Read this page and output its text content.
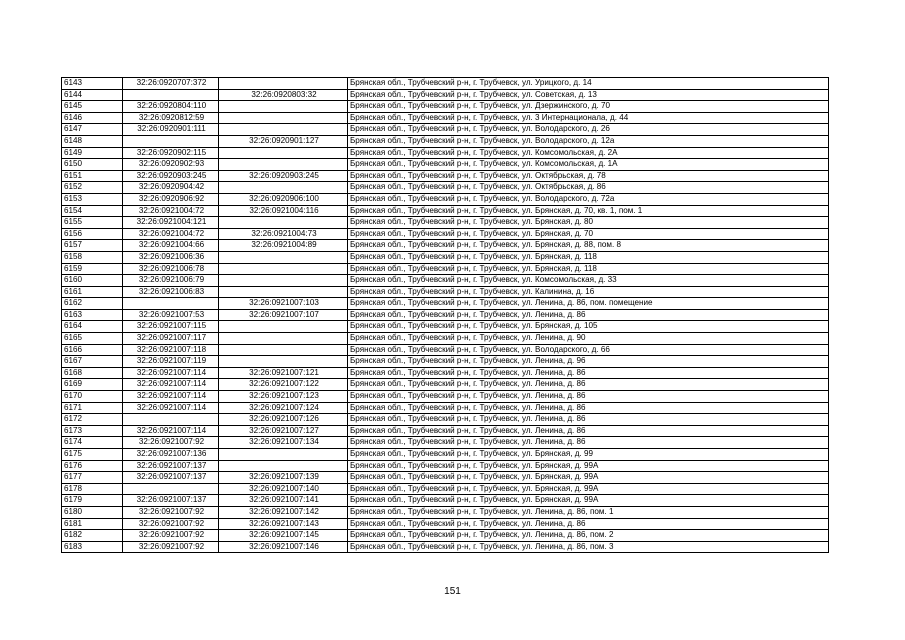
6143	32:26:0920707:372		Брянская обл., Трубчевский р-н, г. Трубчевск, ул. Урицкого, д. 14
6144		32:26:0920803:32	Брянская обл., Трубчевский р-н, г. Трубчевск, ул. Советская, д. 13
6145	32:26:0920804:110		Брянская обл., Трубчевский р-н, г. Трубчевск, ул. Дзержинского, д. 70
6146	32:26:0920812:59		Брянская обл., Трубчевский р-н, г. Трубчевск, ул. 3 Интернационала, д. 44
6147	32:26:0920901:111		Брянская обл., Трубчевский р-н, г. Трубчевск, ул. Володарского, д. 26
6148		32:26:0920901:127	Брянская обл., Трубчевский р-н, г. Трубчевск, ул. Володарского, д. 12а
6149	32:26:0920902:115		Брянская обл., Трубчевский р-н, г. Трубчевск, ул. Комсомольская, д. 2А
6150	32:26:0920902:93		Брянская обл., Трубчевский р-н, г. Трубчевск, ул. Комсомольская, д. 1А
6151	32:26:0920903:245	32:26:0920903:245	Брянская обл., Трубчевский р-н, г. Трубчевск, ул. Октябрьская, д. 78
6152	32:26:0920904:42		Брянская обл., Трубчевский р-н, г. Трубчевск, ул. Октябрьская, д. 86
6153	32:26:0920906:92	32:26:0920906:100	Брянская обл., Трубчевский р-н, г. Трубчевск, ул. Володарского, д. 72а
6154	32:26:0921004:72	32:26:0921004:116	Брянская обл., Трубчевский р-н, г. Трубчевск, ул. Брянская, д. 70, кв. 1, пом. 1
6155	32:26:0921004:121		Брянская обл., Трубчевский р-н, г. Трубчевск, ул. Брянская, д. 80
6156	32:26:0921004:72	32:26:0921004:73	Брянская обл., Трубчевский р-н, г. Трубчевск, ул. Брянская, д. 70
6157	32:26:0921004:66	32:26:0921004:89	Брянская обл., Трубчевский р-н, г. Трубчевск, ул. Брянская, д. 88, пом. 8
6158	32:26:0921006:36		Брянская обл., Трубчевский р-н, г. Трубчевск, ул. Брянская, д. 118
6159	32:26:0921006:78		Брянская обл., Трубчевский р-н, г. Трубчевск, ул. Брянская, д. 118
6160	32:26:0921006:79		Брянская обл., Трубчевский р-н, г. Трубчевск, ул. Комсомольская, д. 33
6161	32:26:0921006:83		Брянская обл., Трубчевский р-н, г. Трубчевск, ул. Калинина, д. 16
6162		32:26:0921007:103	Брянская обл., Трубчевский р-н, г. Трубчевск, ул. Ленина, д. 86, пом. помещение
6163	32:26:0921007:53	32:26:0921007:107	Брянская обл., Трубчевский р-н, г. Трубчевск, ул. Ленина, д. 86
6164	32:26:0921007:115		Брянская обл., Трубчевский р-н, г. Трубчевск, ул. Брянская, д. 105
6165	32:26:0921007:117		Брянская обл., Трубчевский р-н, г. Трубчевск, ул. Ленина, д. 90
6166	32:26:0921007:118		Брянская обл., Трубчевский р-н, г. Трубчевск, ул. Володарского, д. 66
6167	32:26:0921007:119		Брянская обл., Трубчевский р-н, г. Трубчевск, ул. Ленина, д. 96
6168	32:26:0921007:114	32:26:0921007:121	Брянская обл., Трубчевский р-н, г. Трубчевск, ул. Ленина, д. 86
6169	32:26:0921007:114	32:26:0921007:122	Брянская обл., Трубчевский р-н, г. Трубчевск, ул. Ленина, д. 86
6170	32:26:0921007:114	32:26:0921007:123	Брянская обл., Трубчевский р-н, г. Трубчевск, ул. Ленина, д. 86
6171	32:26:0921007:114	32:26:0921007:124	Брянская обл., Трубчевский р-н, г. Трубчевск, ул. Ленина, д. 86
6172		32:26:0921007:126	Брянская обл., Трубчевский р-н, г. Трубчевск, ул. Ленина, д. 86
6173	32:26:0921007:114	32:26:0921007:127	Брянская обл., Трубчевский р-н, г. Трубчевск, ул. Ленина, д. 86
6174	32:26:0921007:92	32:26:0921007:134	Брянская обл., Трубчевский р-н, г. Трубчевск, ул. Ленина, д. 86
6175	32:26:0921007:136		Брянская обл., Трубчевский р-н, г. Трубчевск, ул. Брянская, д. 99
6176	32:26:0921007:137		Брянская обл., Трубчевский р-н, г. Трубчевск, ул. Брянская, д. 99А
6177	32:26:0921007:137	32:26:0921007:139	Брянская обл., Трубчевский р-н, г. Трубчевск, ул. Брянская, д. 99А
6178		32:26:0921007:140	Брянская обл., Трубчевский р-н, г. Трубчевск, ул. Брянская, д. 99А
6179	32:26:0921007:137	32:26:0921007:141	Брянская обл., Трубчевский р-н, г. Трубчевск, ул. Брянская, д. 99А
6180	32:26:0921007:92	32:26:0921007:142	Брянская обл., Трубчевский р-н, г. Трубчевск, ул. Ленина, д. 86, пом. 1
6181	32:26:0921007:92	32:26:0921007:143	Брянская обл., Трубчевский р-н, г. Трубчевск, ул. Ленина, д. 86
6182	32:26:0921007:92	32:26:0921007:145	Брянская обл., Трубчевский р-н, г. Трубчевск, ул. Ленина, д. 86, пом. 2
6183	32:26:0921007:92	32:26:0921007:146	Брянская обл., Трубчевский р-н, г. Трубчевск, ул. Ленина, д. 86, пом. 3
151
